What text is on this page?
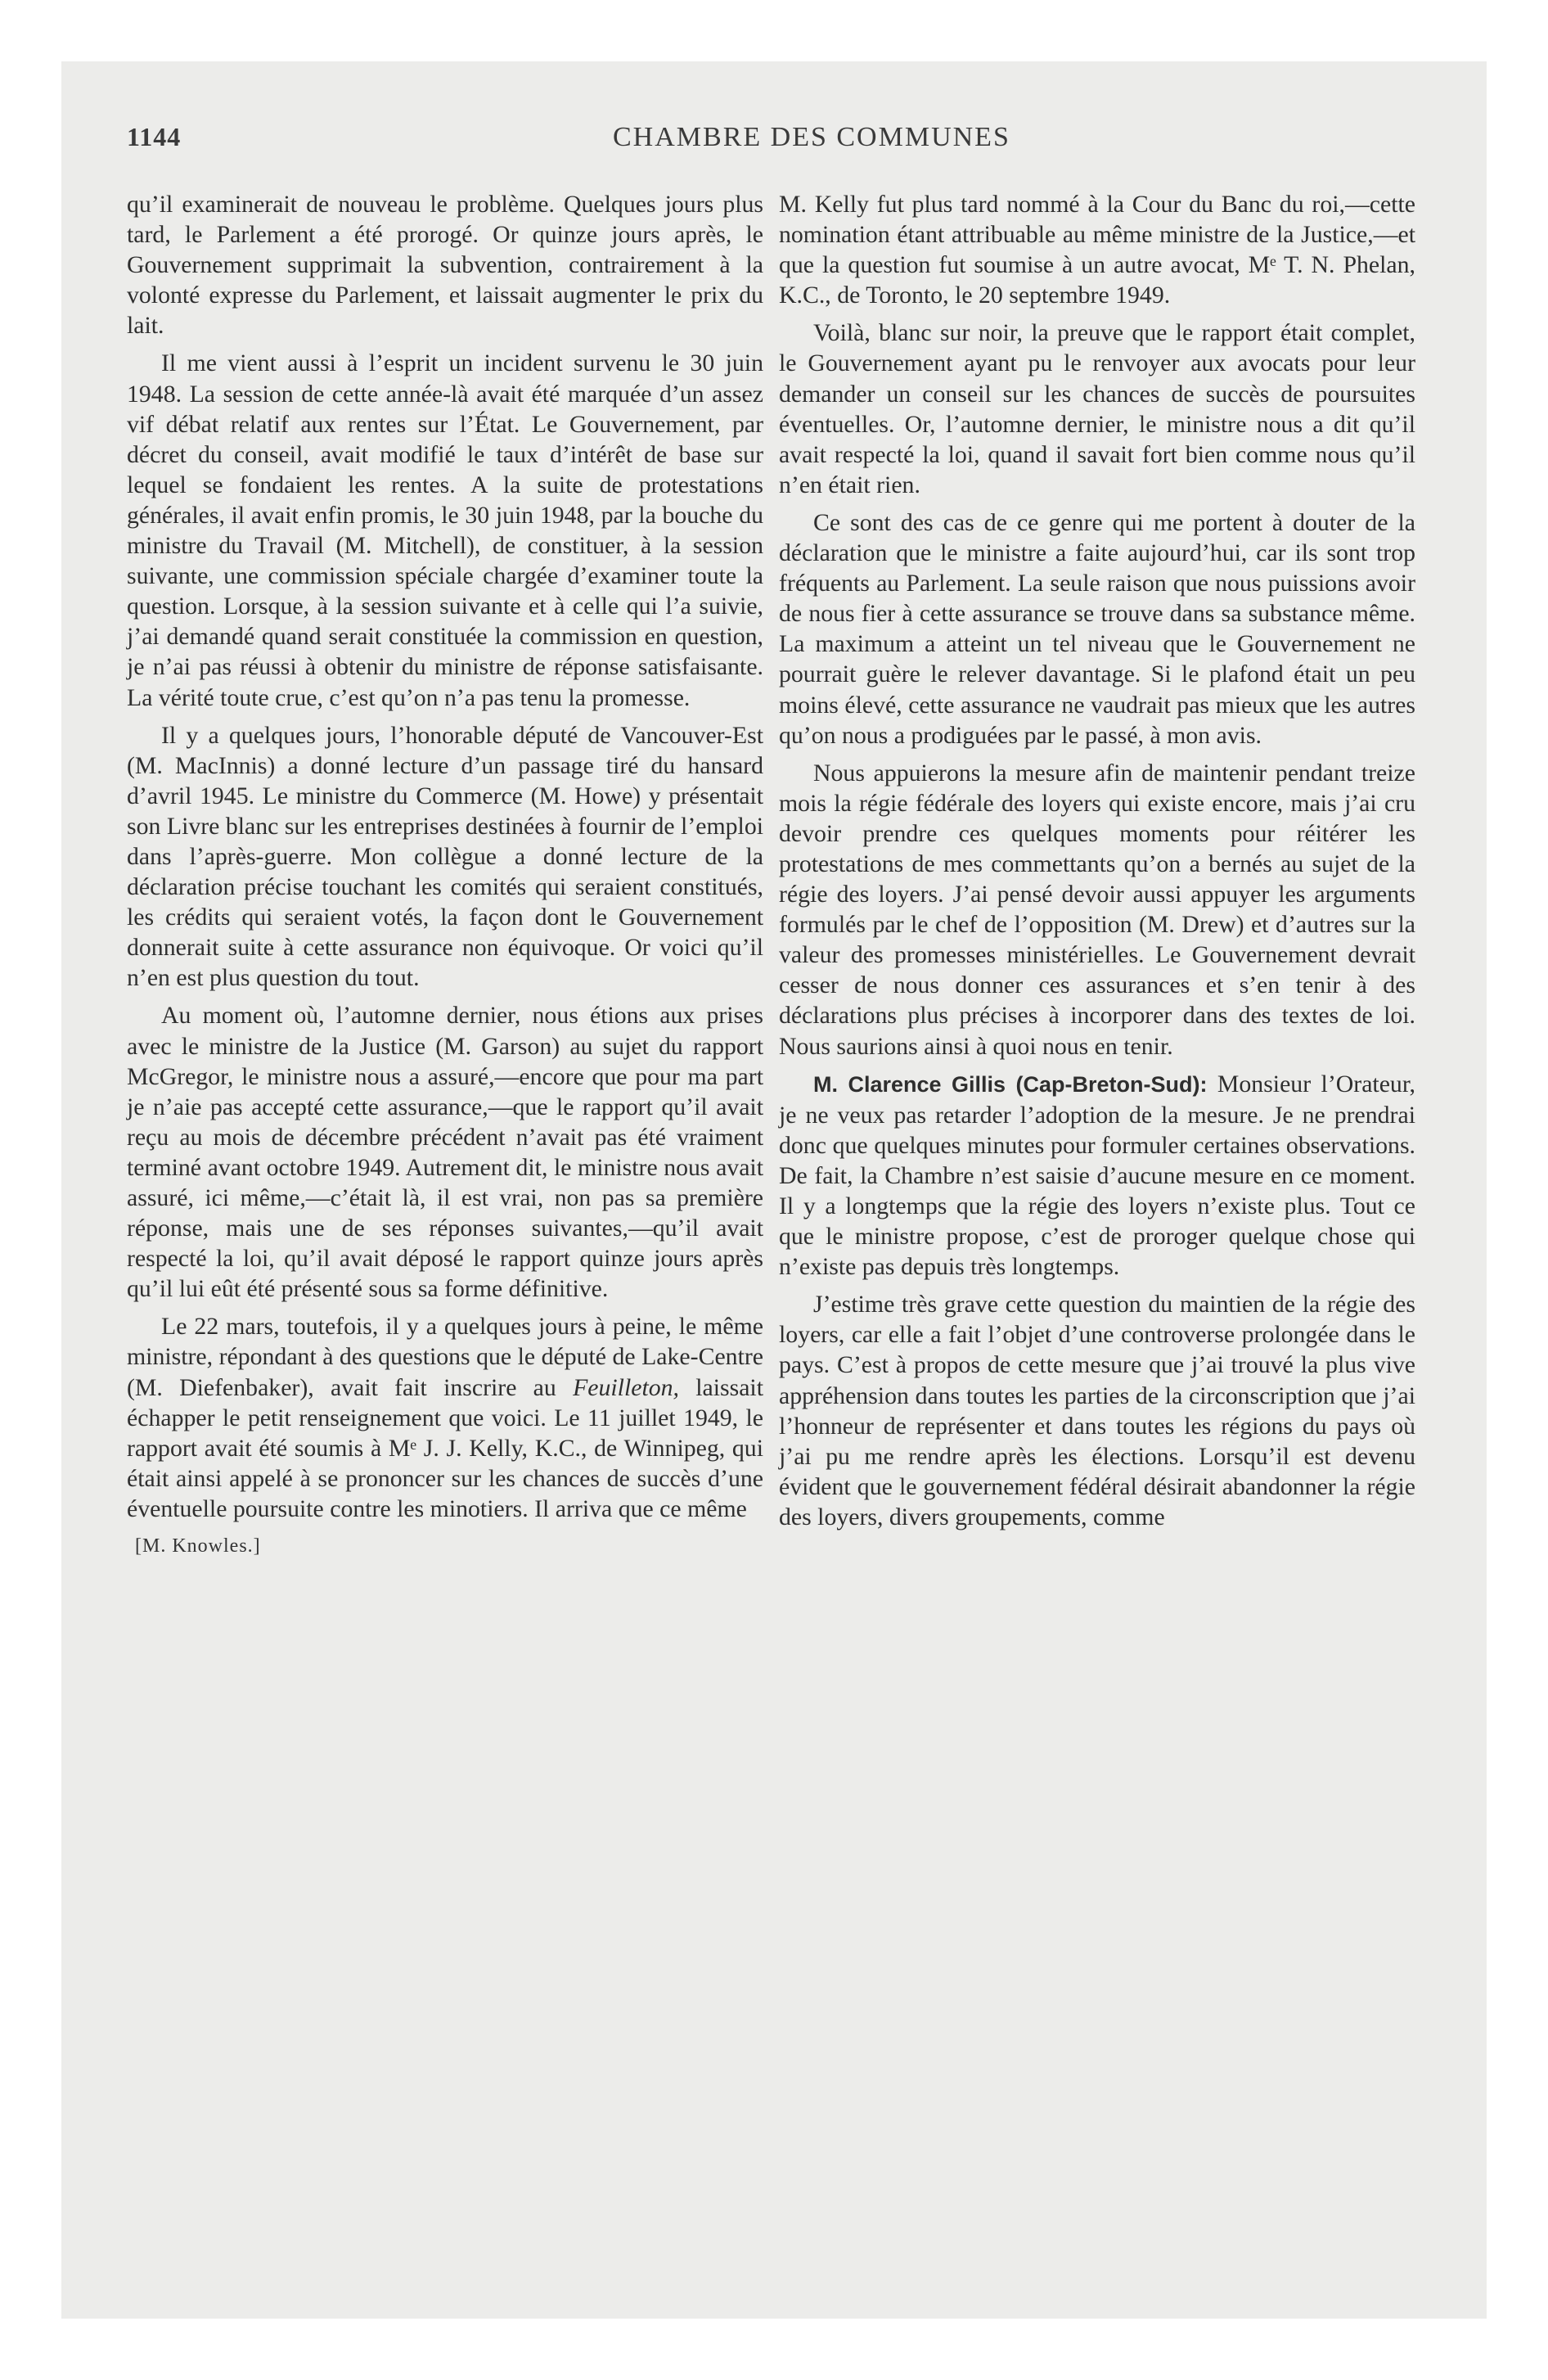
1144	CHAMBRE DES COMMUNES

qu’il examinerait de nouveau le problème. Quelques jours plus tard, le Parlement a été prorogé. Or quinze jours après, le Gouvernement supprimait la subvention, contrairement à la volonté expresse du Parlement, et laissait augmenter le prix du lait.

Il me vient aussi à l’esprit un incident survenu le 30 juin 1948. La session de cette année-là avait été marquée d’un assez vif débat relatif aux rentes sur l’État. Le Gouvernement, par décret du conseil, avait modifié le taux d’intérêt de base sur lequel se fondaient les rentes. A la suite de protestations générales, il avait enfin promis, le 30 juin 1948, par la bouche du ministre du Travail (M. Mitchell), de constituer, à la session suivante, une commission spéciale chargée d’examiner toute la question. Lorsque, à la session suivante et à celle qui l’a suivie, j’ai demandé quand serait constituée la commission en question, je n’ai pas réussi à obtenir du ministre de réponse satisfaisante. La vérité toute crue, c’est qu’on n’a pas tenu la promesse.

Il y a quelques jours, l’honorable député de Vancouver-Est (M. MacInnis) a donné lecture d’un passage tiré du hansard d’avril 1945. Le ministre du Commerce (M. Howe) y présentait son Livre blanc sur les entreprises destinées à fournir de l’emploi dans l’après-guerre. Mon collègue a donné lecture de la déclaration précise touchant les comités qui seraient constitués, les crédits qui seraient votés, la façon dont le Gouvernement donnerait suite à cette assurance non équivoque. Or voici qu’il n’en est plus question du tout.

Au moment où, l’automne dernier, nous étions aux prises avec le ministre de la Justice (M. Garson) au sujet du rapport McGregor, le ministre nous a assuré,—encore que pour ma part je n’aie pas accepté cette assurance,—que le rapport qu’il avait reçu au mois de décembre précédent n’avait pas été vraiment terminé avant octobre 1949. Autrement dit, le ministre nous avait assuré, ici même,—c’était là, il est vrai, non pas sa première réponse, mais une de ses réponses suivantes,—qu’il avait respecté la loi, qu’il avait déposé le rapport quinze jours après qu’il lui eût été présenté sous sa forme définitive.

Le 22 mars, toutefois, il y a quelques jours à peine, le même ministre, répondant à des questions que le député de Lake-Centre (M. Diefenbaker), avait fait inscrire au Feuilleton, laissait échapper le petit renseignement que voici. Le 11 juillet 1949, le rapport avait été soumis à Mᵉ J. J. Kelly, K.C., de Winnipeg, qui était ainsi appelé à se prononcer sur les chances de succès d’une éventuelle poursuite contre les minotiers. Il arriva que ce même

M. Kelly fut plus tard nommé à la Cour du Banc du roi,—cette nomination étant attribuable au même ministre de la Justice,—et que la question fut soumise à un autre avocat, Mᵉ T. N. Phelan, K.C., de Toronto, le 20 septembre 1949.

Voilà, blanc sur noir, la preuve que le rapport était complet, le Gouvernement ayant pu le renvoyer aux avocats pour leur demander un conseil sur les chances de succès de poursuites éventuelles. Or, l’automne dernier, le ministre nous a dit qu’il avait respecté la loi, quand il savait fort bien comme nous qu’il n’en était rien.

Ce sont des cas de ce genre qui me portent à douter de la déclaration que le ministre a faite aujourd’hui, car ils sont trop fréquents au Parlement. La seule raison que nous puissions avoir de nous fier à cette assurance se trouve dans sa substance même. La maximum a atteint un tel niveau que le Gouvernement ne pourrait guère le relever davantage. Si le plafond était un peu moins élevé, cette assurance ne vaudrait pas mieux que les autres qu’on nous a prodiguées par le passé, à mon avis.

Nous appuierons la mesure afin de maintenir pendant treize mois la régie fédérale des loyers qui existe encore, mais j’ai cru devoir prendre ces quelques moments pour réitérer les protestations de mes commettants qu’on a bernés au sujet de la régie des loyers. J’ai pensé devoir aussi appuyer les arguments formulés par le chef de l’opposition (M. Drew) et d’autres sur la valeur des promesses ministérielles. Le Gouvernement devrait cesser de nous donner ces assurances et s’en tenir à des déclarations plus précises à incorporer dans des textes de loi. Nous saurions ainsi à quoi nous en tenir.

M. Clarence Gillis (Cap-Breton-Sud): Monsieur l’Orateur, je ne veux pas retarder l’adoption de la mesure. Je ne prendrai donc que quelques minutes pour formuler certaines observations. De fait, la Chambre n’est saisie d’aucune mesure en ce moment. Il y a longtemps que la régie des loyers n’existe plus. Tout ce que le ministre propose, c’est de proroger quelque chose qui n’existe pas depuis très longtemps.

J’estime très grave cette question du maintien de la régie des loyers, car elle a fait l’objet d’une controverse prolongée dans le pays. C’est à propos de cette mesure que j’ai trouvé la plus vive appréhension dans toutes les parties de la circonscription que j’ai l’honneur de représenter et dans toutes les régions du pays où j’ai pu me rendre après les élections. Lorsqu’il est devenu évident que le gouvernement fédéral désirait abandonner la régie des loyers, divers groupements, comme

[M. Knowles.]
